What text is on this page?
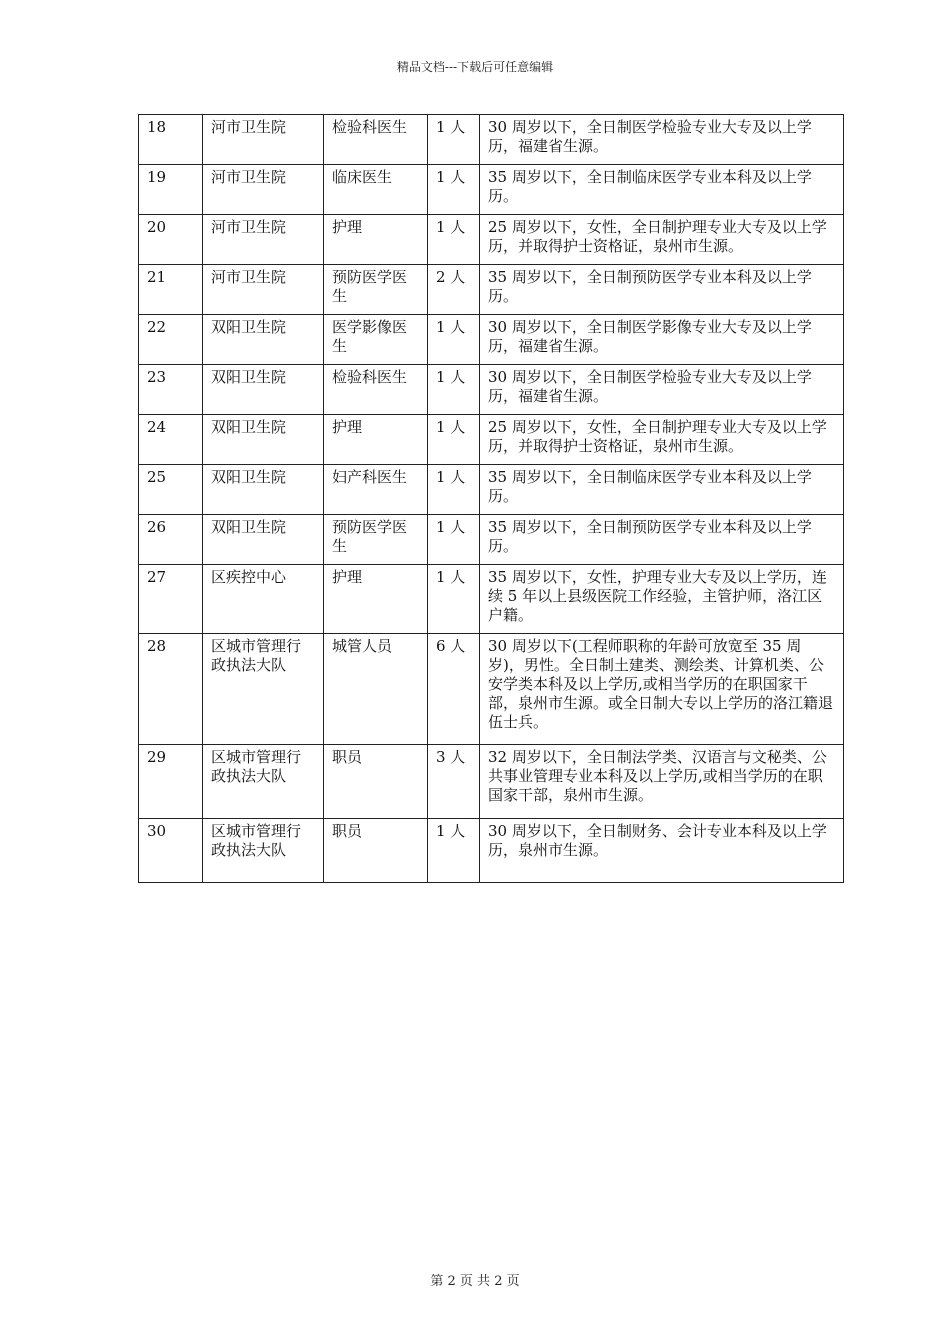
精品文档---下载后可任意编辑
18	河市卫生院	检验科医生	1 人	30 周岁以下，全日制医学检验专业大专及以上学历，福建省生源。
19	河市卫生院	临床医生	1 人	35 周岁以下，全日制临床医学专业本科及以上学历。
20	河市卫生院	护理	1 人	25 周岁以下，女性，全日制护理专业大专及以上学历，并取得护士资格证，泉州市生源。
21	河市卫生院	预防医学医生	2 人	35 周岁以下，全日制预防医学专业本科及以上学历。
22	双阳卫生院	医学影像医生	1 人	30 周岁以下，全日制医学影像专业大专及以上学历，福建省生源。
23	双阳卫生院	检验科医生	1 人	30 周岁以下，全日制医学检验专业大专及以上学历，福建省生源。
24	双阳卫生院	护理	1 人	25 周岁以下，女性，全日制护理专业大专及以上学历，并取得护士资格证，泉州市生源。
25	双阳卫生院	妇产科医生	1 人	35 周岁以下，全日制临床医学专业本科及以上学历。
26	双阳卫生院	预防医学医生	1 人	35 周岁以下，全日制预防医学专业本科及以上学历。
27	区疾控中心	护理	1 人	35 周岁以下，女性，护理专业大专及以上学历，连续 5 年以上县级医院工作经验，主管护师，洛江区户籍。
28	区城市管理行政执法大队	城管人员	6 人	30 周岁以下(工程师职称的年龄可放宽至 35 周岁)，男性。全日制土建类、测绘类、计算机类、公安学类本科及以上学历,或相当学历的在职国家干部，泉州市生源。或全日制大专以上学历的洛江籍退伍士兵。
29	区城市管理行政执法大队	职员	3 人	32 周岁以下，全日制法学类、汉语言与文秘类、公共事业管理专业本科及以上学历,或相当学历的在职国家干部，泉州市生源。
30	区城市管理行政执法大队	职员	1 人	30 周岁以下，全日制财务、会计专业本科及以上学历，泉州市生源。
第 2 页 共 2 页
